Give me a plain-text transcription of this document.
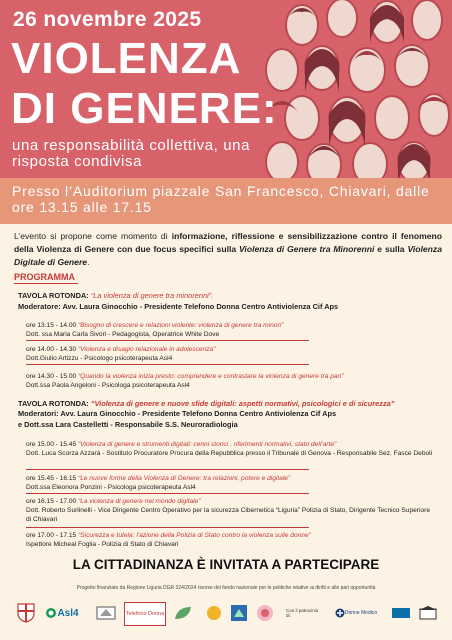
26 novembre 2025
VIOLENZA
DI GENERE:
una responsabilità collettiva, una risposta condivisa
Presso l’Auditorium piazzale San Francesco, Chiavari, dalle ore 13.15 alle 17.15
L’evento si propone come momento di informazione, riflessione e sensibilizzazione contro il fenomeno della Violenza di Genere con due focus specifici sulla Violenza di Genere tra Minorenni e sulla Violenza Digitale di Genere.
PROGRAMMA
TAVOLA ROTONDA: “La violenza di genere tra minorenni”.
Moderatore: Avv. Laura Ginocchio - Presidente Telefono Donna Centro Antiviolenza Cif Aps
ore 13.15 - 14.00 “Bisogno di crescere e relazioni violente: violenza di genere tra minori”
Dott. ssa Maria Carla Sivori - Pedagogista, Operatrice White Dove
ore 14.00 - 14.30 “Violenza e disagio relazionale in adolescenza”
Dott.Giulio Artizzu - Psicologo psicoterapeuta Asl4
ore 14.30 - 15.00 “Quando la violenza inizia presto: comprendere e contrastare la violenza di genere tra pari”
Dott.ssa Paola Angeloni - Psicologa psicoterapeuta Asl4
TAVOLA ROTONDA: “Violenza di genere e nuove sfide digitali: aspetti normativi, psicologici e di sicurezza”
Moderatori: Avv. Laura Ginocchio - Presidente Telefono Donna Centro Antiviolenza Cif Aps
e Dott.ssa Lara Castelletti - Responsabile S.S. Neuroradiologia
ore 15.00 - 15.45 “Violenza di genere e strumenti digitali: cenni storici , riferimenti normativi, stato dell’arte”
Dott. Luca Scorza Azzarà - Sostituto Procuratore Procura della Repubblica presso il Tribunale di Genova - Responsabile Sez. Fasce Deboli
ore 15.45 - 16.15 “Le nuove forme della Violenza di Genere: tra relazioni, potere e digitale”
Dott.ssa Eleonora Ponzini - Psicologa psicoterapeuta Asl4
ore 16.15 - 17.00 “La violenza di genere nel mondo digitale”
Dott. Roberto Surlinelli - Vice Dirigente Centro Operativo per la sicurezza Cibernetica “Liguria” Polizia di Stato, Dirigente Tecnico Superiore di Chiavari
ore 17.00 - 17.15 “Sicurezza e tutela: l’azione della Polizia di Stato contro la violenza sulle donne”
Ispettore Micheal Foglia - Polizia di Stato di Chiavari
LA CITTADINANZA È INVITATA A PARTECIPARE
Progetto finanziato da Regione Liguria DGR 324/2024 risorse del fondo nazionale per le politiche relative ai diritti e alle pari opportunità
Asl4	Telefono Donna
Con il patrocinio di:	Donne Medico
